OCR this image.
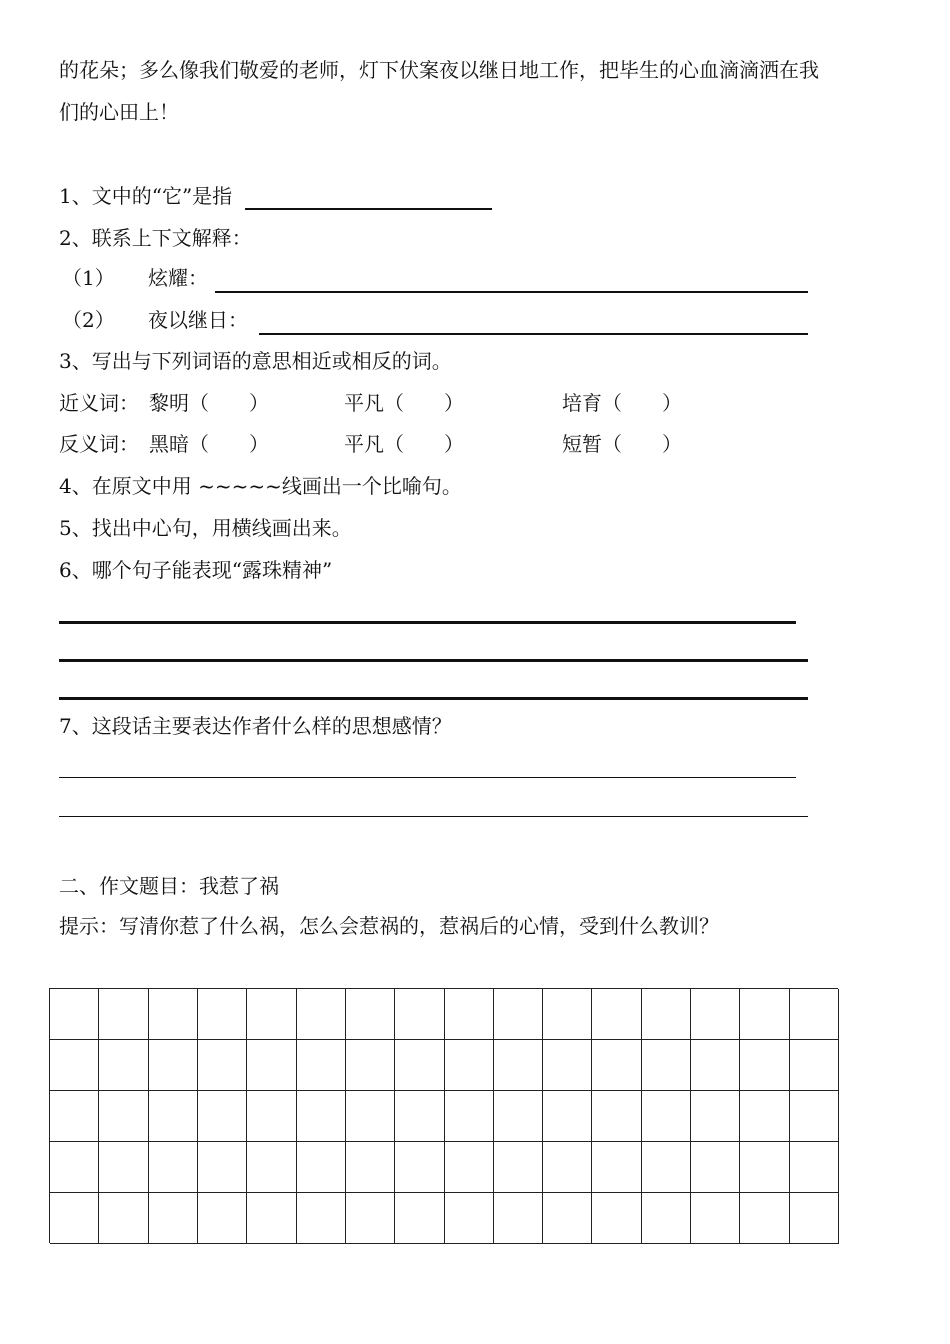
的花朵；多么像我们敬爱的老师，灯下伏案夜以继日地工作，把毕生的心血滴滴洒在我
们的心田上！
1、文中的“它”是指
2、联系上下文解释：
（1） 炫耀：
（2） 夜以继日：
3、写出与下列词语的意思相近或相反的词。
近义词： 黎明（　　）	平凡（　　）	培育（　　）
反义词： 黑暗（　　）	平凡（　　）	短暂（　　）
4、在原文中用 ~~~~~线画出一个比喻句。
5、找出中心句，用横线画出来。
6、哪个句子能表现“露珠精神”
7、这段话主要表达作者什么样的思想感情？
二、作文题目：我惹了祸
提示：写清你惹了什么祸，怎么会惹祸的，惹祸后的心情，受到什么教训？
